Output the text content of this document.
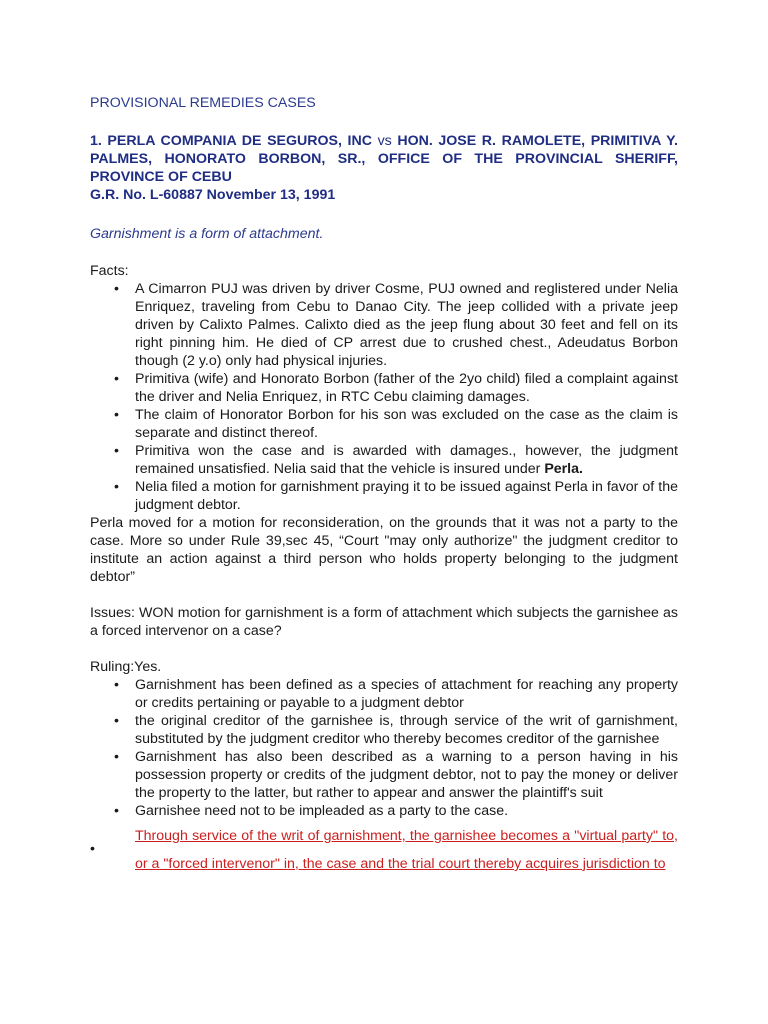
PROVISIONAL REMEDIES CASES

1. PERLA COMPANIA DE SEGUROS, INC vs HON. JOSE R. RAMOLETE, PRIMITIVA Y. PALMES, HONORATO BORBON, SR., OFFICE OF THE PROVINCIAL SHERIFF, PROVINCE OF CEBU

G.R. No. L-60887 November 13, 1991

Garnishment is a form of attachment.

Facts:

• A Cimarron PUJ was driven by driver Cosme, PUJ owned and reglistered under Nelia Enriquez, traveling from Cebu to Danao City. The jeep collided with a private jeep driven by Calixto Palmes. Calixto died as the jeep flung about 30 feet and fell on its right pinning him. He died of CP arrest due to crushed chest., Adeudatus Borbon though (2 y.o) only had physical injuries.
• Primitiva (wife) and Honorato Borbon (father of the 2yo child) filed a complaint against the driver and Nelia Enriquez, in RTC Cebu claiming damages.
• The claim of Honorator Borbon for his son was excluded on the case as the claim is separate and distinct thereof.
• Primitiva won the case and is awarded with damages., however, the judgment remained unsatisfied. Nelia said that the vehicle is insured under Perla.
• Nelia filed a motion for garnishment praying it to be issued against Perla in favor of the judgment debtor.

Perla moved for a motion for reconsideration, on the grounds that it was not a party to the case. More so under Rule 39,sec 45, “Court "may only authorize" the judgment creditor to institute an action against a third person who holds property belonging to the judgment debtor”

Issues: WON motion for garnishment is a form of attachment which subjects the garnishee as a forced intervenor on a case?

Ruling:Yes.

• Garnishment has been defined as a species of attachment for reaching any property or credits pertaining or payable to a judgment debtor
• the original creditor of the garnishee is, through service of the writ of garnishment, substituted by the judgment creditor who thereby becomes creditor of the garnishee
• Garnishment has also been described as a warning to a person having in his possession property or credits of the judgment debtor, not to pay the money or deliver the property to the latter, but rather to appear and answer the plaintiff's suit
• Garnishee need not to be impleaded as a party to the case.
•

Through service of the writ of garnishment, the garnishee becomes a "virtual party" to, or a "forced intervenor" in, the case and the trial court thereby acquires jurisdiction to
